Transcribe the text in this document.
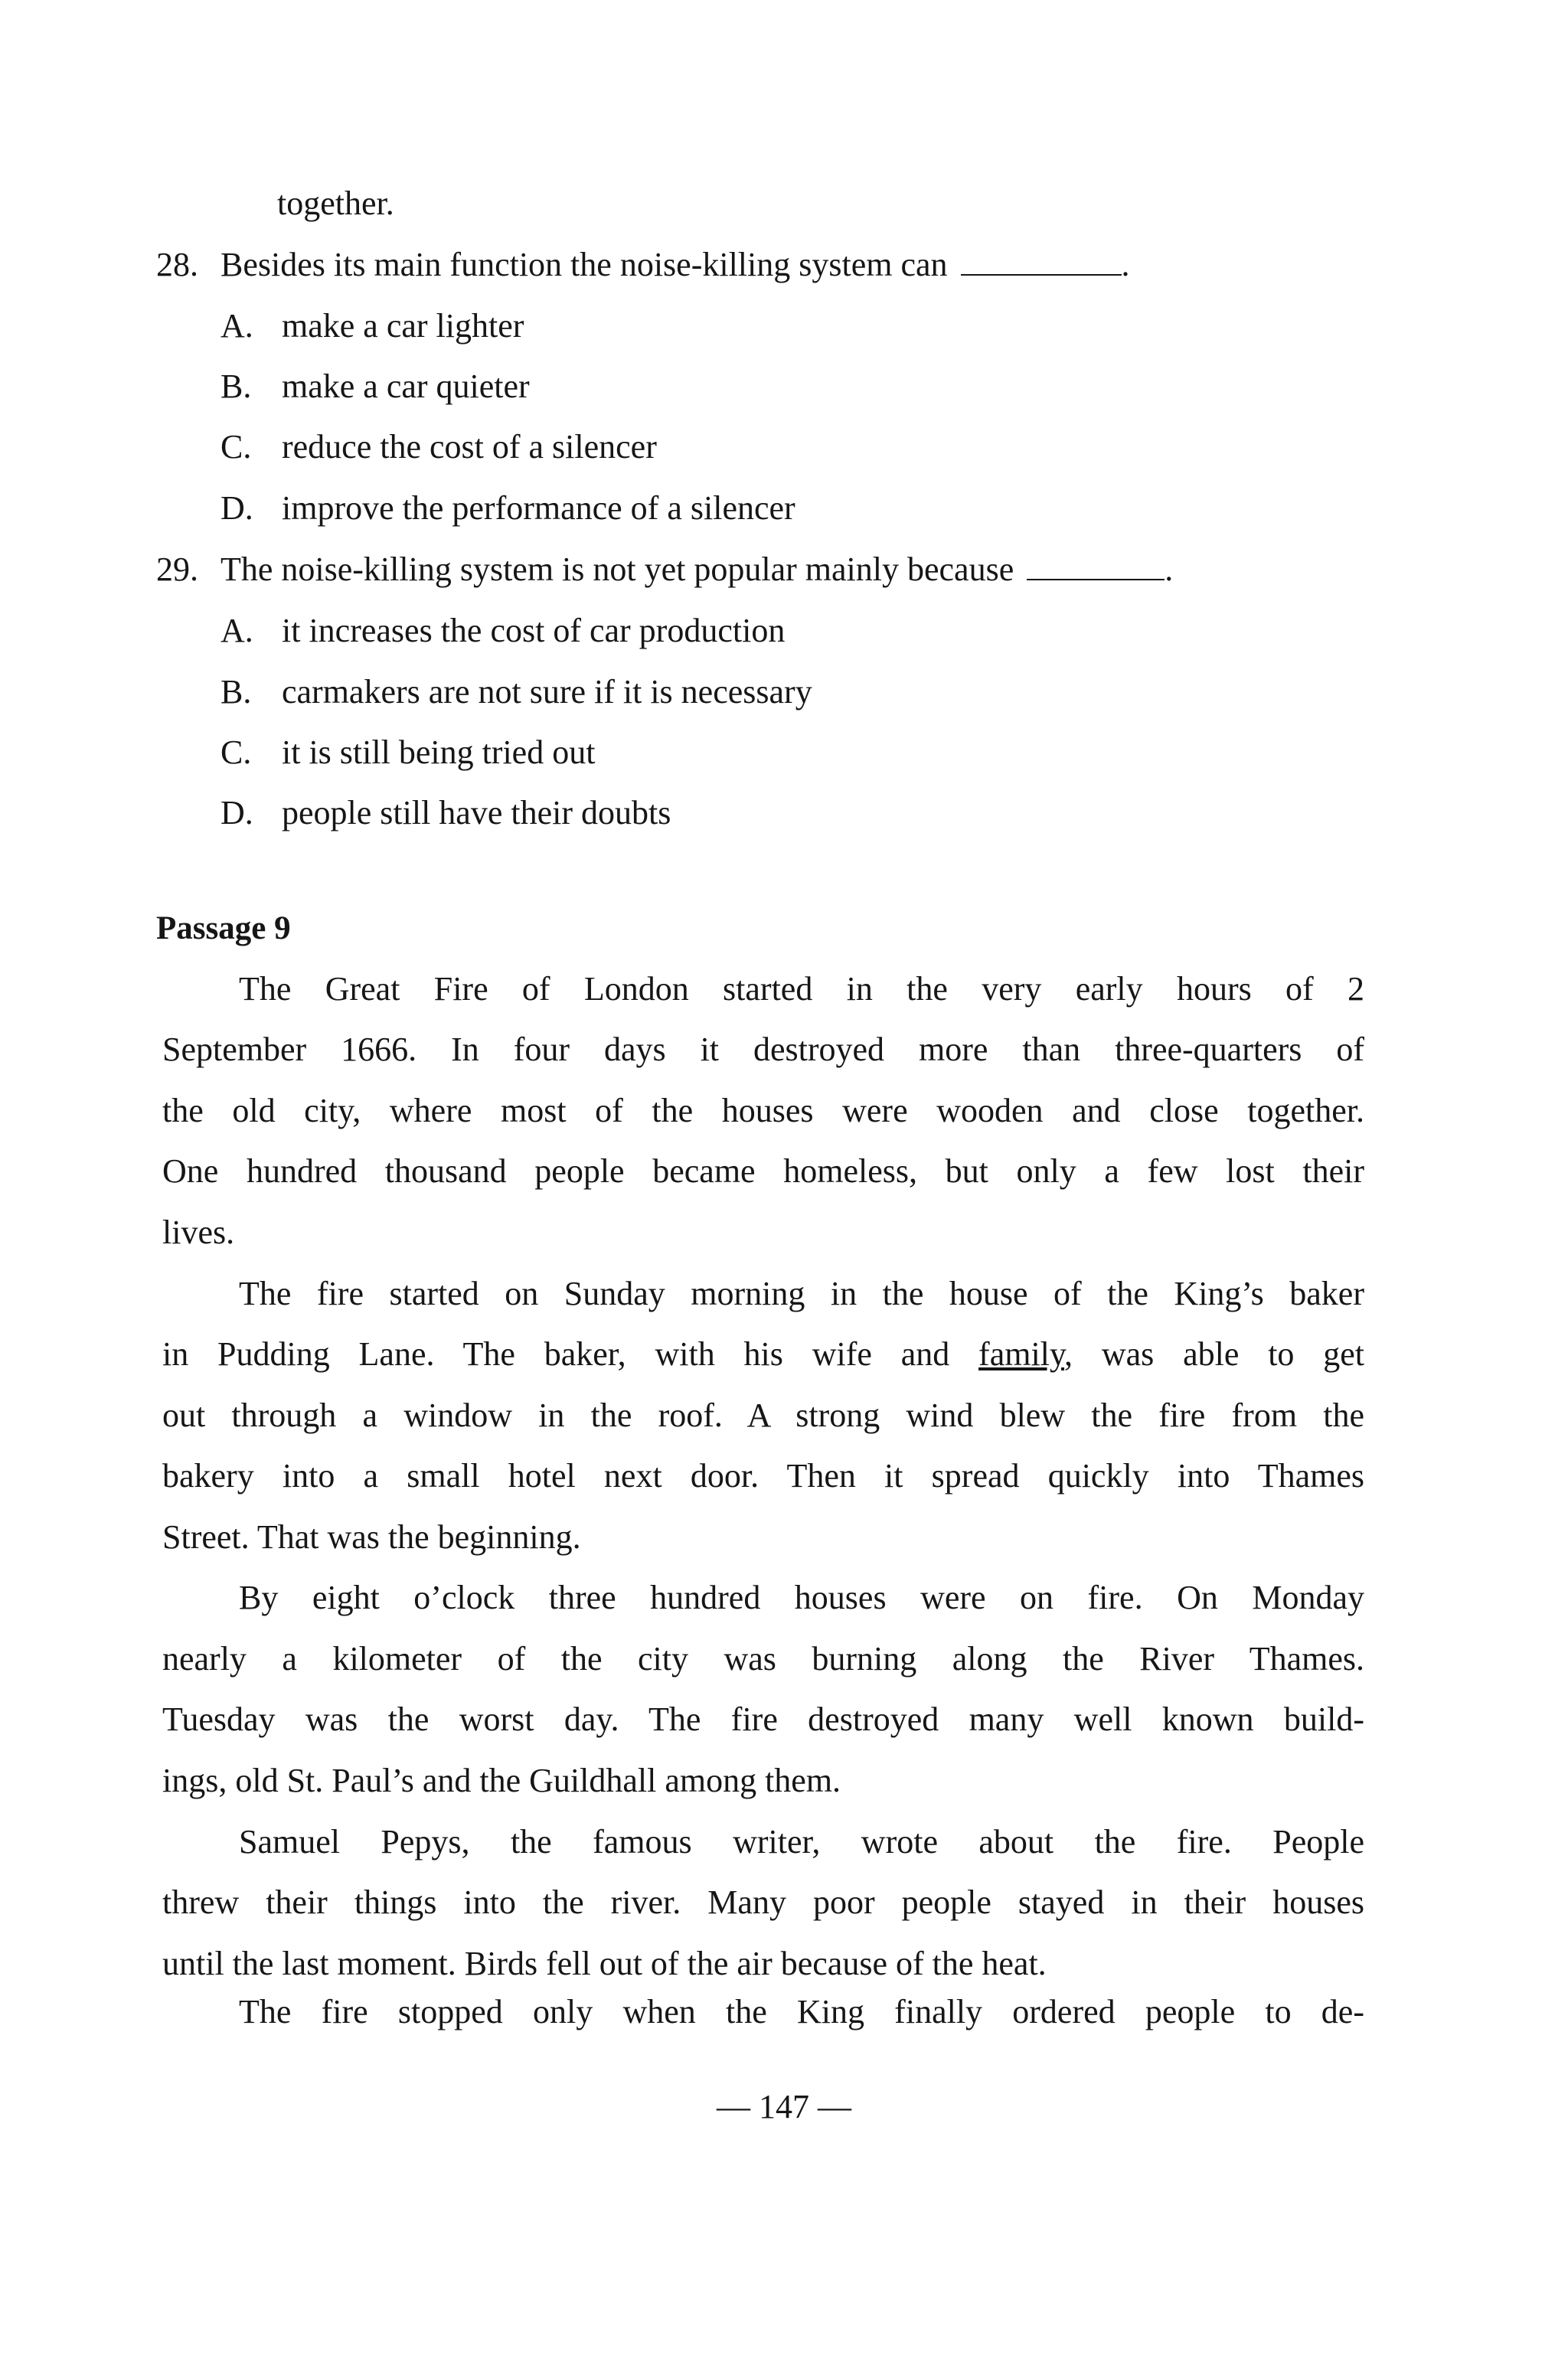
together.

28. Besides its main function the noise-killing system can	.

A. make a car lighter

B. make a car quieter

C. reduce the cost of a silencer

D. improve the performance of a silencer

29. The noise-killing system is not yet popular mainly because	.

A. it increases the cost of car production

B. carmakers are not sure if it is necessary

C. it is still being tried out

D. people still have their doubts

Passage 9

The Great Fire of London started in the very early hours of 2

September 1666. In four days it destroyed more than three-quarters of

the old city, where most of the houses were wooden and close together.

One hundred thousand people became homeless, but only a few lost their

lives.

The fire started on Sunday morning in the house of the King’s baker

in Pudding Lane. The baker, with his wife and family, was able to get

out through a window in the roof. A strong wind blew the fire from the

bakery into a small hotel next door. Then it spread quickly into Thames

Street. That was the beginning.

By eight o’clock three hundred houses were on fire. On Monday

nearly a kilometer of the city was burning along the River Thames.

Tuesday was the worst day. The fire destroyed many well known build-

ings, old St. Paul’s and the Guildhall among them.

Samuel Pepys, the famous writer, wrote about the fire. People

threw their things into the river. Many poor people stayed in their houses

until the last moment. Birds fell out of the air because of the heat.

The fire stopped only when the King finally ordered people to de-

— 147 —
